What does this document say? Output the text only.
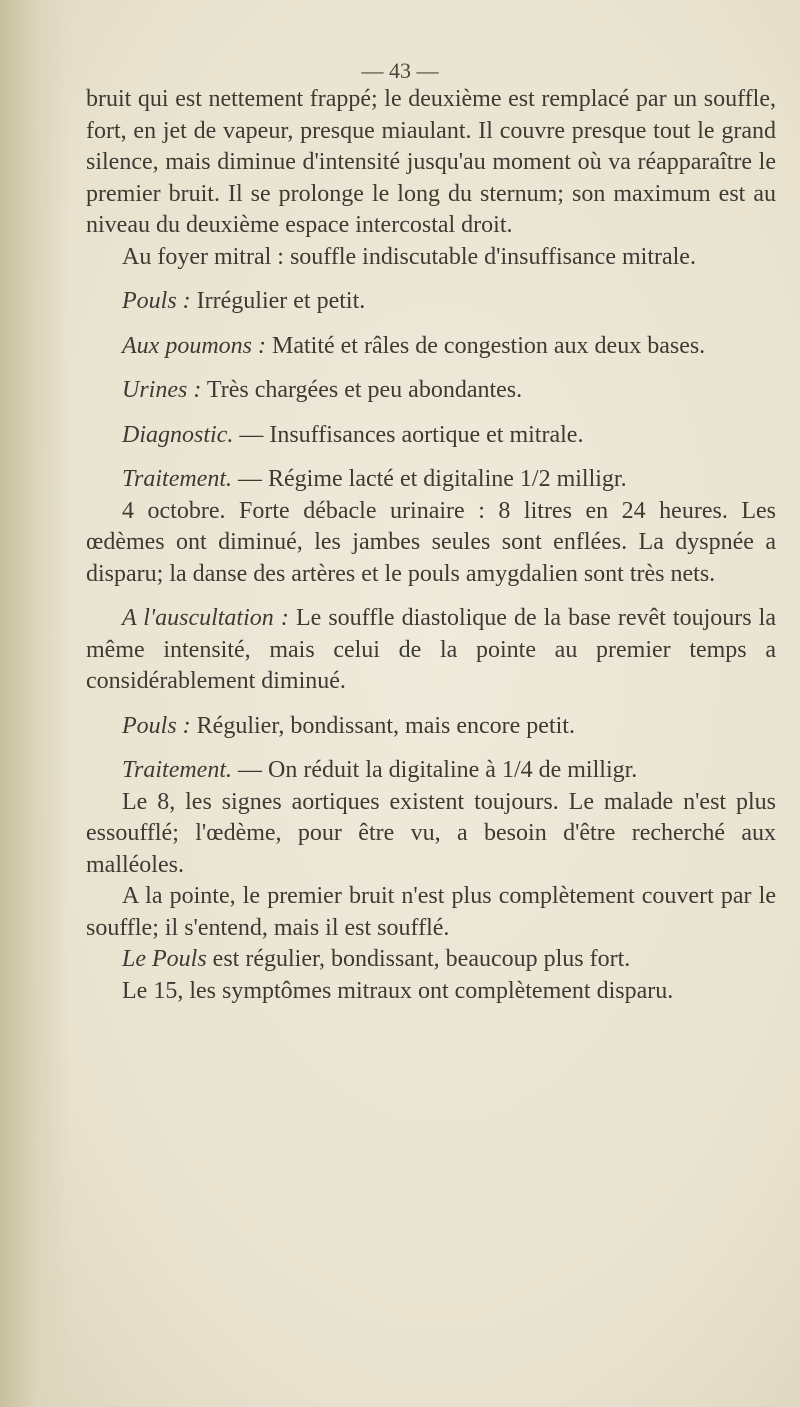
— 43 —

bruit qui est nettement frappé; le deuxième est remplacé par un souffle, fort, en jet de vapeur, presque miaulant. Il couvre presque tout le grand silence, mais diminue d'intensité jusqu'au moment où va réapparaître le premier bruit. Il se prolonge le long du sternum; son maximum est au niveau du deuxième espace intercostal droit.

Au foyer mitral : souffle indiscutable d'insuffisance mitrale.

Pouls : Irrégulier et petit.

Aux poumons : Matité et râles de congestion aux deux bases.

Urines : Très chargées et peu abondantes.

Diagnostic. — Insuffisances aortique et mitrale.

Traitement. — Régime lacté et digitaline 1/2 milligr.

4 octobre. Forte débacle urinaire : 8 litres en 24 heures. Les œdèmes ont diminué, les jambes seules sont enflées. La dyspnée a disparu; la danse des artères et le pouls amygdalien sont très nets.

A l'auscultation : Le souffle diastolique de la base revêt toujours la même intensité, mais celui de la pointe au premier temps a considérablement diminué.

Pouls : Régulier, bondissant, mais encore petit.

Traitement. — On réduit la digitaline à 1/4 de milligr.

Le 8, les signes aortiques existent toujours. Le malade n'est plus essoufflé; l'œdème, pour être vu, a besoin d'être recherché aux malléoles.

A la pointe, le premier bruit n'est plus complètement couvert par le souffle; il s'entend, mais il est soufflé.

Le Pouls est régulier, bondissant, beaucoup plus fort.

Le 15, les symptômes mitraux ont complètement disparu.
